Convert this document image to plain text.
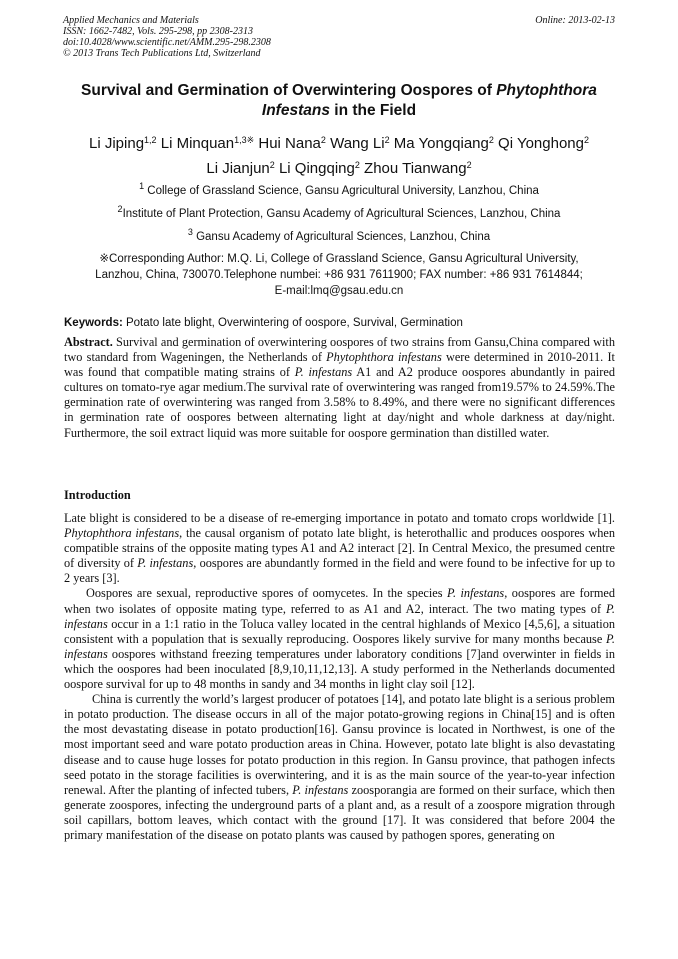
Applied Mechanics and Materials
ISSN: 1662-7482, Vols. 295-298, pp 2308-2313
doi:10.4028/www.scientific.net/AMM.295-298.2308
© 2013 Trans Tech Publications Ltd, Switzerland
Online: 2013-02-13
Survival and Germination of Overwintering Oospores of Phytophthora Infestans in the Field
Li Jiping$^{1,2}$ Li Minquan$^{1,3※}$ Hui Nana$^2$ Wang Li$^2$ Ma Yongqiang$^2$ Qi Yonghong$^2$
Li Jianjun$^2$ Li Qingqing$^2$ Zhou Tianwang$^2$
$^1$ College of Grassland Science, Gansu Agricultural University, Lanzhou, China
$^2$Institute of Plant Protection, Gansu Academy of Agricultural Sciences, Lanzhou, China
$^3$ Gansu Academy of Agricultural Sciences, Lanzhou, China
※Corresponding Author: M.Q. Li, College of Grassland Science, Gansu Agricultural University,
Lanzhou, China, 730070.Telephone numbei: +86 931 7611900; FAX number: +86 931 7614844;
E-mail:lmq@gsau.edu.cn
Keywords: Potato late blight, Overwintering of oospore, Survival, Germination
Abstract. Survival and germination of overwintering oospores of two strains from Gansu,China compared with two standard from Wageningen, the Netherlands of Phytophthora infestans were determined in 2010-2011. It was found that compatible mating strains of P. infestans A1 and A2 produce oospores abundantly in paired cultures on tomato-rye agar medium.The survival rate of overwintering was ranged from19.57% to 24.59%.The germination rate of overwintering was ranged from 3.58% to 8.49%, and there were no significant differences in germination rate of oospores between alternating light at day/night and whole darkness at day/night. Furthermore, the soil extract liquid was more suitable for oospore germination than distilled water.
Introduction

Late blight is considered to be a disease of re-emerging importance in potato and tomato crops worldwide [1]. Phytophthora infestans, the causal organism of potato late blight, is heterothallic and produces oospores when compatible strains of the opposite mating types A1 and A2 interact [2]. In Central Mexico, the presumed centre of diversity of P. infestans, oospores are abundantly formed in the field and were found to be infective for up to 2 years [3].

Oospores are sexual, reproductive spores of oomycetes. In the species P. infestans, oospores are formed when two isolates of opposite mating type, referred to as A1 and A2, interact. The two mating types of P. infestans occur in a 1:1 ratio in the Toluca valley located in the central highlands of Mexico [4,5,6], a situation consistent with a population that is sexually reproducing. Oospores likely survive for many months because P. infestans oospores withstand freezing temperatures under laboratory conditions [7]and overwinter in fields in which the oospores had been inoculated [8,9,10,11,12,13]. A study performed in the Netherlands documented oospore survival for up to 48 months in sandy and 34 months in light clay soil [12].

China is currently the world’s largest producer of potatoes [14], and potato late blight is a serious problem in potato production. The disease occurs in all of the major potato-growing regions in China[15] and is often the most devastating disease in potato production[16]. Gansu province is located in Northwest, is one of the most important seed and ware potato production areas in China. However, potato late blight is also devastating disease and to cause huge losses for potato production in this region. In Gansu province, that pathogen infects seed potato in the storage facilities is overwintering, and it is as the main source of the year-to-year infection renewal. After the planting of infected tubers, P. infestans zoosporangia are formed on their surface, which then generate zoospores, infecting the underground parts of a plant and, as a result of a zoospore migration through soil capillars, bottom leaves, which contact with the ground [17]. It was considered that before 2004 the primary manifestation of the disease on potato plants was caused by pathogen spores, generating on
